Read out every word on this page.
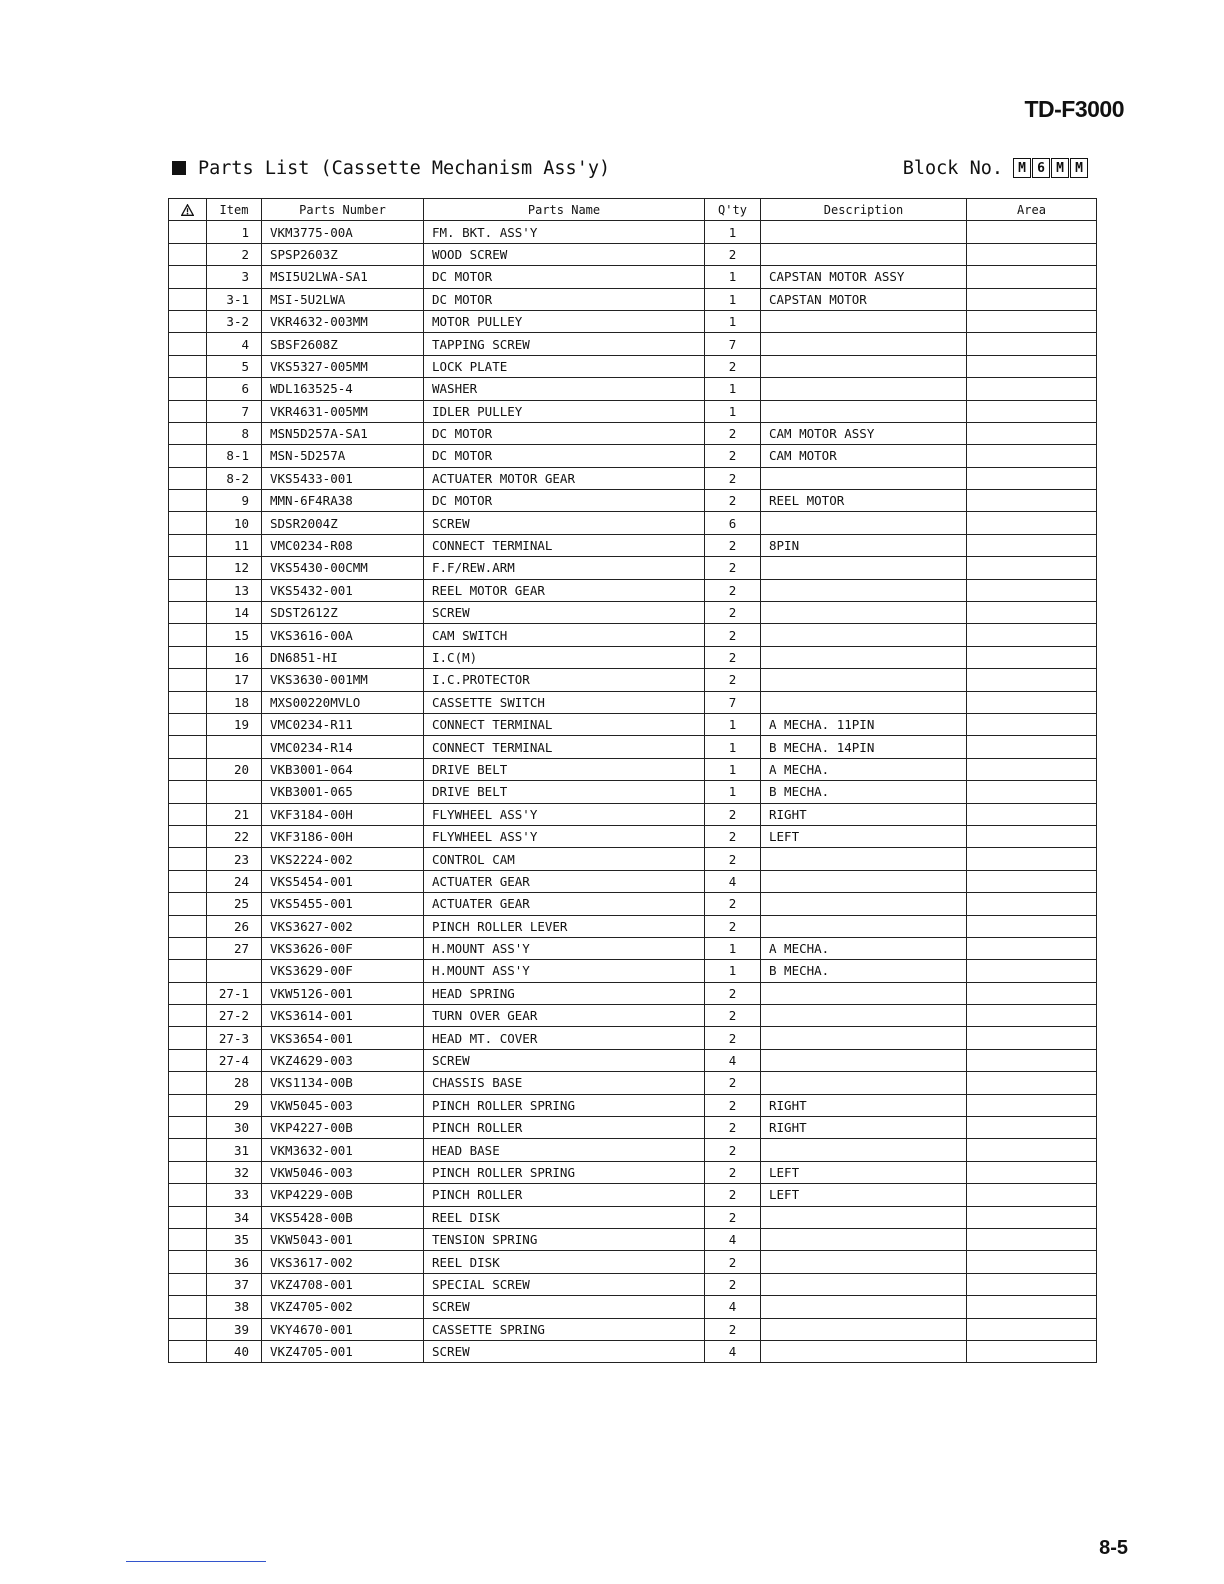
TD-F3000
Parts List (Cassette Mechanism Ass'y)	Block No.	M 6 M M
	Item	Parts Number	Parts Name	Q'ty	Description	Area
	1	VKM3775-00A	FM. BKT. ASS'Y	1		
	2	SPSP2603Z	WOOD SCREW	2		
	3	MSI5U2LWA-SA1	DC MOTOR	1	CAPSTAN MOTOR ASSY	
	3-1	MSI-5U2LWA	DC MOTOR	1	CAPSTAN MOTOR	
	3-2	VKR4632-003MM	MOTOR PULLEY	1		
	4	SBSF2608Z	TAPPING SCREW	7		
	5	VKS5327-005MM	LOCK PLATE	2		
	6	WDL163525-4	WASHER	1		
	7	VKR4631-005MM	IDLER PULLEY	1		
	8	MSN5D257A-SA1	DC MOTOR	2	CAM MOTOR ASSY	
	8-1	MSN-5D257A	DC MOTOR	2	CAM MOTOR	
	8-2	VKS5433-001	ACTUATER MOTOR GEAR	2		
	9	MMN-6F4RA38	DC MOTOR	2	REEL MOTOR	
	10	SDSR2004Z	SCREW	6		
	11	VMC0234-R08	CONNECT TERMINAL	2	8PIN	
	12	VKS5430-00CMM	F.F/REW.ARM	2		
	13	VKS5432-001	REEL MOTOR GEAR	2		
	14	SDST2612Z	SCREW	2		
	15	VKS3616-00A	CAM SWITCH	2		
	16	DN6851-HI	I.C(M)	2		
	17	VKS3630-001MM	I.C.PROTECTOR	2		
	18	MXS00220MVLO	CASSETTE SWITCH	7		
	19	VMC0234-R11	CONNECT TERMINAL	1	A MECHA. 11PIN	
		VMC0234-R14	CONNECT TERMINAL	1	B MECHA. 14PIN	
	20	VKB3001-064	DRIVE BELT	1	A MECHA.	
		VKB3001-065	DRIVE BELT	1	B MECHA.	
	21	VKF3184-00H	FLYWHEEL ASS'Y	2	RIGHT	
	22	VKF3186-00H	FLYWHEEL ASS'Y	2	LEFT	
	23	VKS2224-002	CONTROL CAM	2		
	24	VKS5454-001	ACTUATER GEAR	4		
	25	VKS5455-001	ACTUATER GEAR	2		
	26	VKS3627-002	PINCH ROLLER LEVER	2		
	27	VKS3626-00F	H.MOUNT ASS'Y	1	A MECHA.	
		VKS3629-00F	H.MOUNT ASS'Y	1	B MECHA.	
	27-1	VKW5126-001	HEAD SPRING	2		
	27-2	VKS3614-001	TURN OVER GEAR	2		
	27-3	VKS3654-001	HEAD MT. COVER	2		
	27-4	VKZ4629-003	SCREW	4		
	28	VKS1134-00B	CHASSIS BASE	2		
	29	VKW5045-003	PINCH ROLLER SPRING	2	RIGHT	
	30	VKP4227-00B	PINCH ROLLER	2	RIGHT	
	31	VKM3632-001	HEAD BASE	2		
	32	VKW5046-003	PINCH ROLLER SPRING	2	LEFT	
	33	VKP4229-00B	PINCH ROLLER	2	LEFT	
	34	VKS5428-00B	REEL DISK	2		
	35	VKW5043-001	TENSION SPRING	4		
	36	VKS3617-002	REEL DISK	2		
	37	VKZ4708-001	SPECIAL SCREW	2		
	38	VKZ4705-002	SCREW	4		
	39	VKY4670-001	CASSETTE SPRING	2		
	40	VKZ4705-001	SCREW	4		
8-5
